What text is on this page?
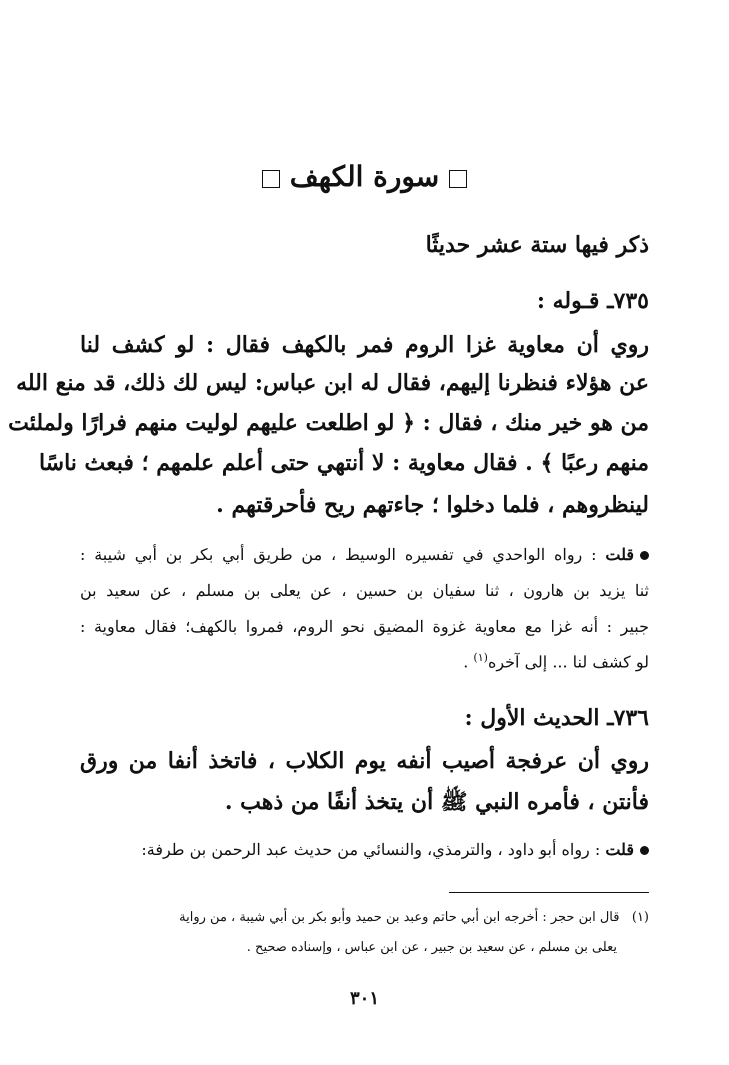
سورة الكهف
ذكر فيها ستة عشر حديثًا
٧٣٥ـ قـوله :
روي أن معاوية غزا الروم فمر بالكهف فقال : لو كشف لنا
عن هؤلاء فنظرنا إليهم، فقال له ابن عباس: ليس لك ذلك، قد منع الله
من هو خير منك ، فقال : ﴿ لو اطلعت عليهم لوليت منهم فرارًا ولملئت
منهم رعبًا ﴾ . فقال معاوية : لا أنتهي حتى أعلم علمهم ؛ فبعث ناسًا
لينظروهم ، فلما دخلوا ؛ جاءتهم ريح فأحرقتهم .
قلت : رواه الواحدي في تفسيره الوسيط ، من طريق أبي بكر بن أبي شيبة :
ثنا يزيد بن هارون ، ثنا سفيان بن حسين ، عن يعلى بن مسلم ، عن سعيد بن
جبير : أنه غزا مع معاوية غزوة المضيق نحو الروم، فمروا بالكهف؛ فقال معاوية :
لو كشف لنا ... إلى آخره$^{(١)}$ .
٧٣٦ـ الحديث الأول :
روي أن عرفجة أصيب أنفه يوم الكلاب ، فاتخذ أنفا من ورق
فأنتن ، فأمره النبي ﷺ أن يتخذ أنفًا من ذهب .
قلت : رواه أبو داود ، والترمذي، والنسائي من حديث عبد الرحمن بن طرفة:
(١)   قال ابن حجر : أخرجه ابن أبي حاتم وعبد بن حميد وأبو بكر بن أبي شيبة ، من رواية
يعلى بن مسلم ، عن سعيد بن جبير ، عن ابن عباس ، وإسناده صحيح .
٣٠١
